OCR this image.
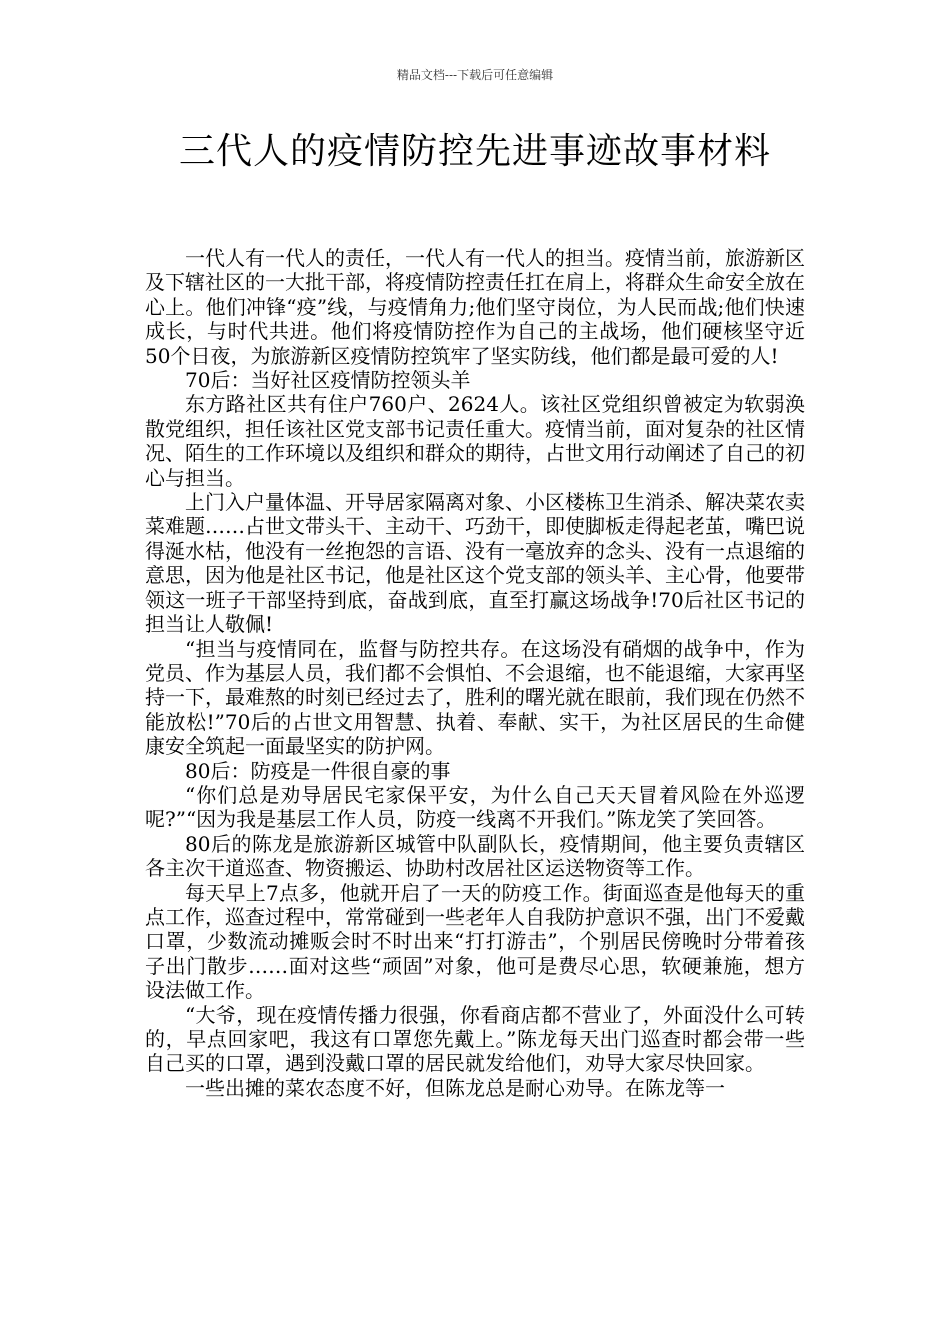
精品文档---下载后可任意编辑
三代人的疫情防控先进事迹故事材料

一代人有一代人的责任，一代人有一代人的担当。疫情当前，旅游新区及下辖社区的一大批干部，将疫情防控责任扛在肩上，将群众生命安全放在心上。他们冲锋“疫”线，与疫情角力;他们坚守岗位，为人民而战;他们快速成长，与时代共进。他们将疫情防控作为自己的主战场，他们硬核坚守近50个日夜，为旅游新区疫情防控筑牢了坚实防线，他们都是最可爱的人!

70后：当好社区疫情防控领头羊

东方路社区共有住户760户、2624人。该社区党组织曾被定为软弱涣散党组织，担任该社区党支部书记责任重大。疫情当前，面对复杂的社区情况、陌生的工作环境以及组织和群众的期待，占世文用行动阐述了自己的初心与担当。

上门入户量体温、开导居家隔离对象、小区楼栋卫生消杀、解决菜农卖菜难题……占世文带头干、主动干、巧劲干，即使脚板走得起老茧，嘴巴说得涎水枯，他没有一丝抱怨的言语、没有一毫放弃的念头、没有一点退缩的意思，因为他是社区书记，他是社区这个党支部的领头羊、主心骨，他要带领这一班子干部坚持到底，奋战到底，直至打赢这场战争!70后社区书记的担当让人敬佩!

“担当与疫情同在，监督与防控共存。在这场没有硝烟的战争中，作为党员、作为基层人员，我们都不会惧怕、不会退缩，也不能退缩，大家再坚持一下，最难熬的时刻已经过去了，胜利的曙光就在眼前，我们现在仍然不能放松!”70后的占世文用智慧、执着、奉献、实干，为社区居民的生命健康安全筑起一面最坚实的防护网。

80后：防疫是一件很自豪的事

“你们总是劝导居民宅家保平安，为什么自己天天冒着风险在外巡逻呢?”“因为我是基层工作人员，防疫一线离不开我们。”陈龙笑了笑回答。

80后的陈龙是旅游新区城管中队副队长，疫情期间，他主要负责辖区各主次干道巡查、物资搬运、协助村改居社区运送物资等工作。

每天早上7点多，他就开启了一天的防疫工作。街面巡查是他每天的重点工作，巡查过程中，常常碰到一些老年人自我防护意识不强，出门不爱戴口罩，少数流动摊贩会时不时出来“打打游击”，个别居民傍晚时分带着孩子出门散步……面对这些“顽固”对象，他可是费尽心思，软硬兼施，想方设法做工作。

“大爷，现在疫情传播力很强，你看商店都不营业了，外面没什么可转的，早点回家吧，我这有口罩您先戴上。”陈龙每天出门巡查时都会带一些自己买的口罩，遇到没戴口罩的居民就发给他们，劝导大家尽快回家。

一些出摊的菜农态度不好，但陈龙总是耐心劝导。在陈龙等一
